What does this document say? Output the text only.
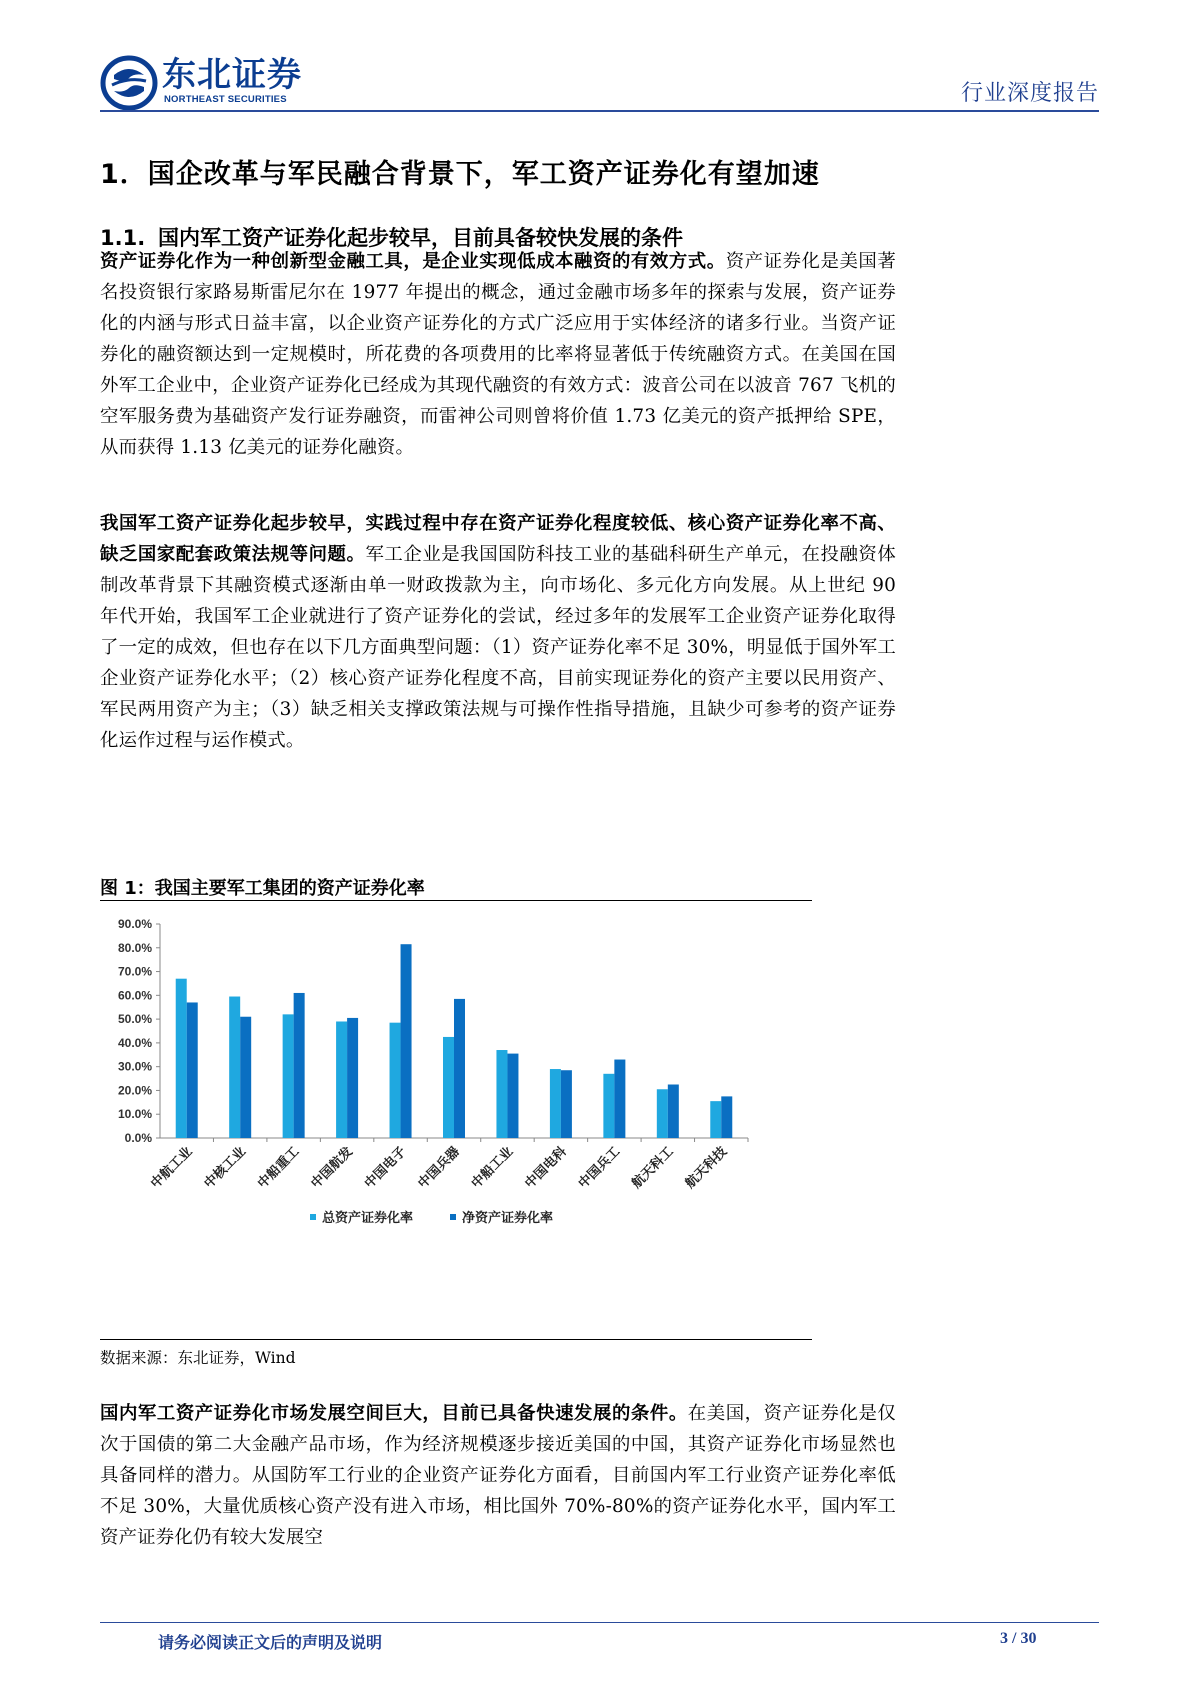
东北证券
NORTHEAST SECURITIES	行业深度报告
1．国企改革与军民融合背景下，军工资产证券化有望加速
1.1. 国内军工资产证券化起步较早，目前具备较快发展的条件
资产证券化作为一种创新型金融工具，是企业实现低成本融资的有效方式。资产证券化是美国著名投资银行家路易斯雷尼尔在 1977 年提出的概念，通过金融市场多年的探索与发展，资产证券化的内涵与形式日益丰富，以企业资产证券化的方式广泛应用于实体经济的诸多行业。当资产证券化的融资额达到一定规模时，所花费的各项费用的比率将显著低于传统融资方式。在美国在国外军工企业中，企业资产证券化已经成为其现代融资的有效方式：波音公司在以波音 767 飞机的空军服务费为基础资产发行证券融资，而雷神公司则曾将价值 1.73 亿美元的资产抵押给 SPE，从而获得 1.13 亿美元的证券化融资。
我国军工资产证券化起步较早，实践过程中存在资产证券化程度较低、核心资产证券化率不高、缺乏国家配套政策法规等问题。军工企业是我国国防科技工业的基础科研生产单元，在投融资体制改革背景下其融资模式逐渐由单一财政拨款为主，向市场化、多元化方向发展。从上世纪 90 年代开始，我国军工企业就进行了资产证券化的尝试，经过多年的发展军工企业资产证券化取得了一定的成效，但也存在以下几方面典型问题：（1）资产证券化率不足 30%，明显低于国外军工企业资产证券化水平；（2）核心资产证券化程度不高，目前实现证券化的资产主要以民用资产、军民两用资产为主；（3）缺乏相关支撑政策法规与可操作性指导措施，且缺少可参考的资产证券化运作过程与运作模式。
图 1：我国主要军工集团的资产证券化率
0.0%
10.0%
20.0%
30.0%
40.0%
50.0%
60.0%
70.0%
80.0%
90.0%
中航工业 中核工业 中船重工 中国航发 中国电子 中国兵器 中船工业 中国电科 中国兵工 航天科工 航天科技
总资产证券化率	净资产证券化率
数据来源：东北证券，Wind
国内军工资产证券化市场发展空间巨大，目前已具备快速发展的条件。在美国，资产证券化是仅次于国债的第二大金融产品市场，作为经济规模逐步接近美国的中国，其资产证券化市场显然也具备同样的潜力。从国防军工行业的企业资产证券化方面看，目前国内军工行业资产证券化率低不足 30%，大量优质核心资产没有进入市场，相比国外 70%-80%的资产证券化水平，国内军工资产证券化仍有较大发展空
请务必阅读正文后的声明及说明	3 / 30
